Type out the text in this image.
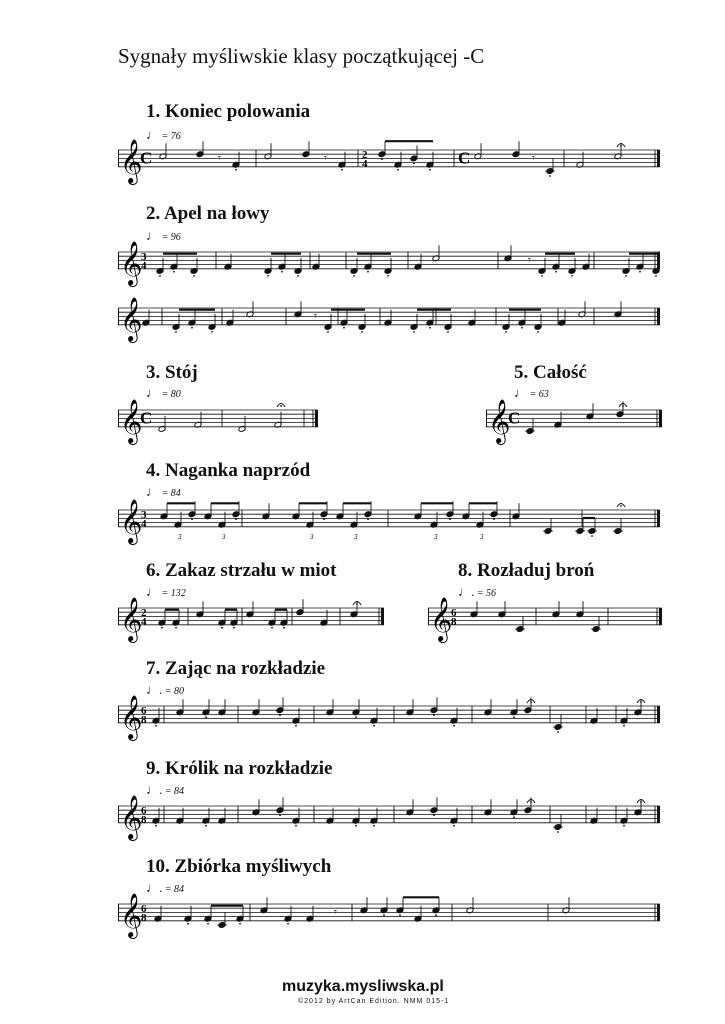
Sygnały myśliwskie klasy początkującej -C
1. Koniec polowania
♩ = 76
𝄞
C	𝄾	𝄾	𝄾
2
4	C
2. Apel na łowy
♩ = 96
𝄞
3
4	𝄾
𝄞	𝄾
3. Stój
♩ = 80
𝄞
C
5. Całość
♩ = 63
𝄞
C
4. Naganka naprzód
♩ = 84
𝄞
3
4
3	3	3	3	3	3
6. Zakaz strzału w miot
♩ = 132
𝄞
2
4
8. Rozładuj broń
♩. = 56
𝄞
6
8
7. Zając na rozkładzie
♩. = 80
𝄞
6
8
9. Królik na rozkładzie
♩. = 84
𝄞
6
8
10. Zbiórka myśliwych
♩. = 84
𝄞
6
8	𝄾
muzyka.mysliwska.pl
©2012 by ArtCan Edition. NMM 015-1
